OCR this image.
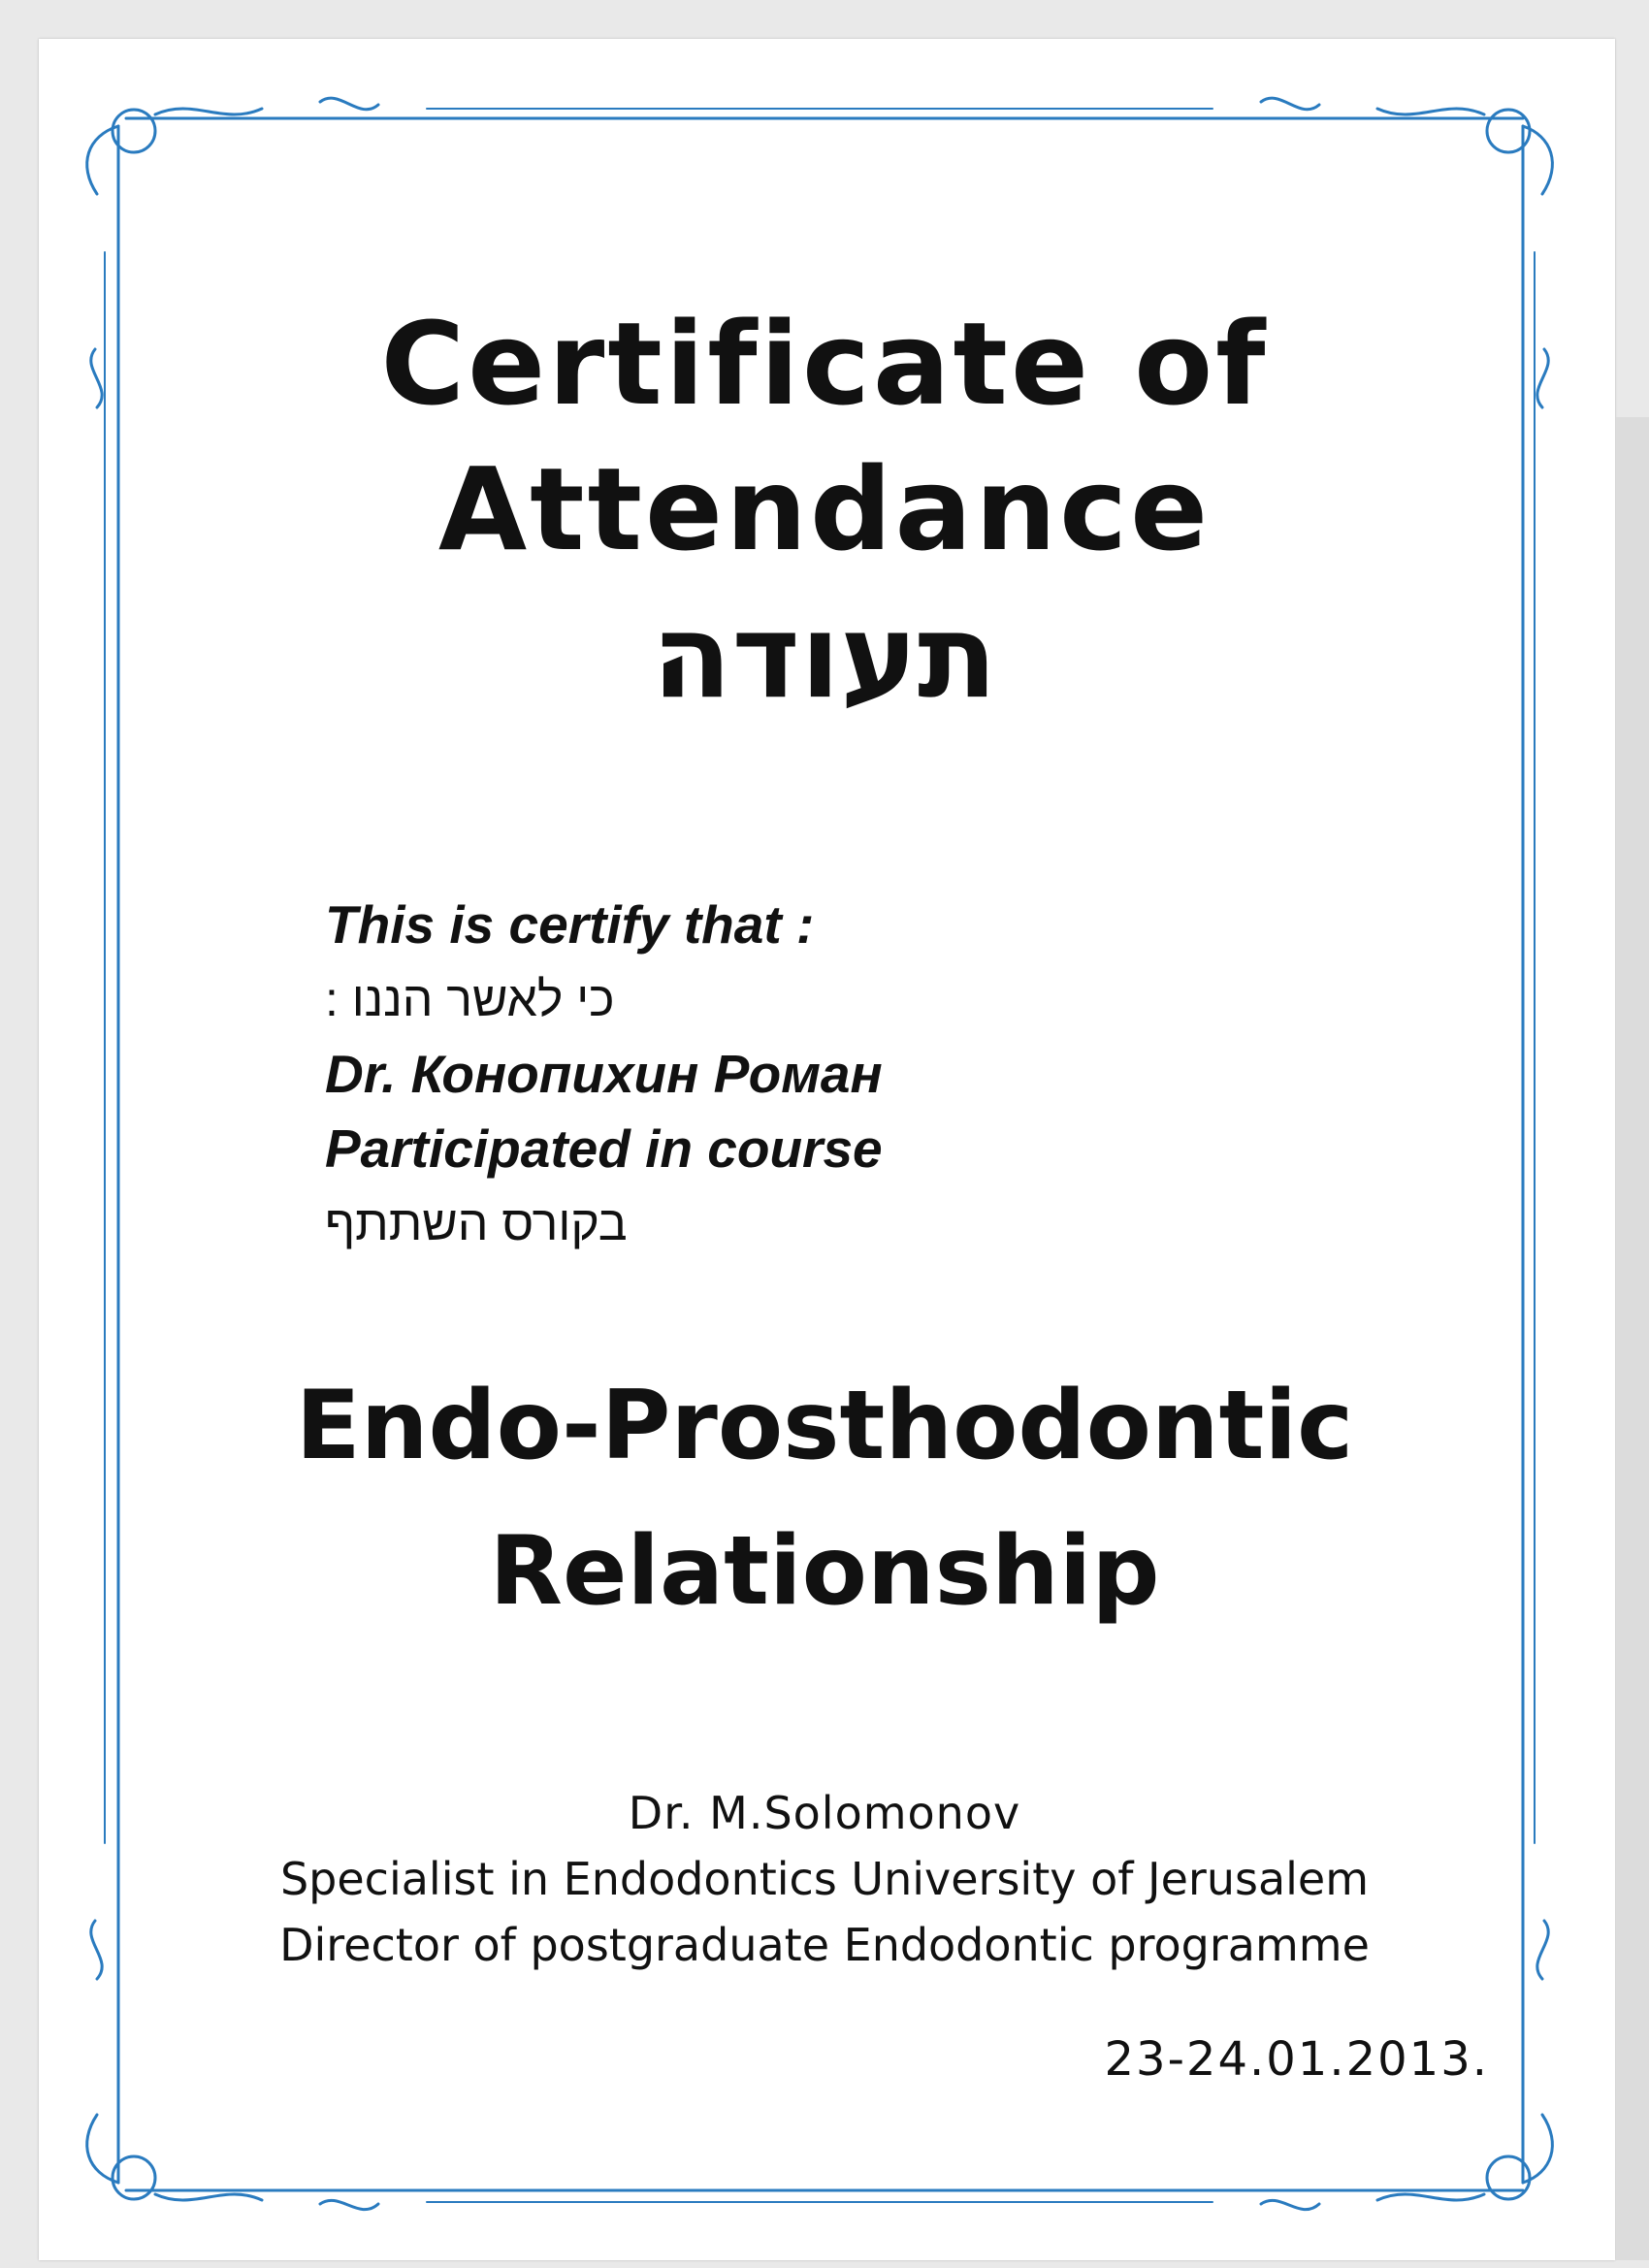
Certificate of
Attendance
תעודה
This is certify that :
כי לאשר הננו :
Dr. Конопихин Роман
Participated in course
בקורס השתתף
Endo-Prosthodontic
Relationship
Dr. M.Solomonov
Specialist in Endodontics University of Jerusalem
Director of postgraduate Endodontic programme
23-24.01.2013.
